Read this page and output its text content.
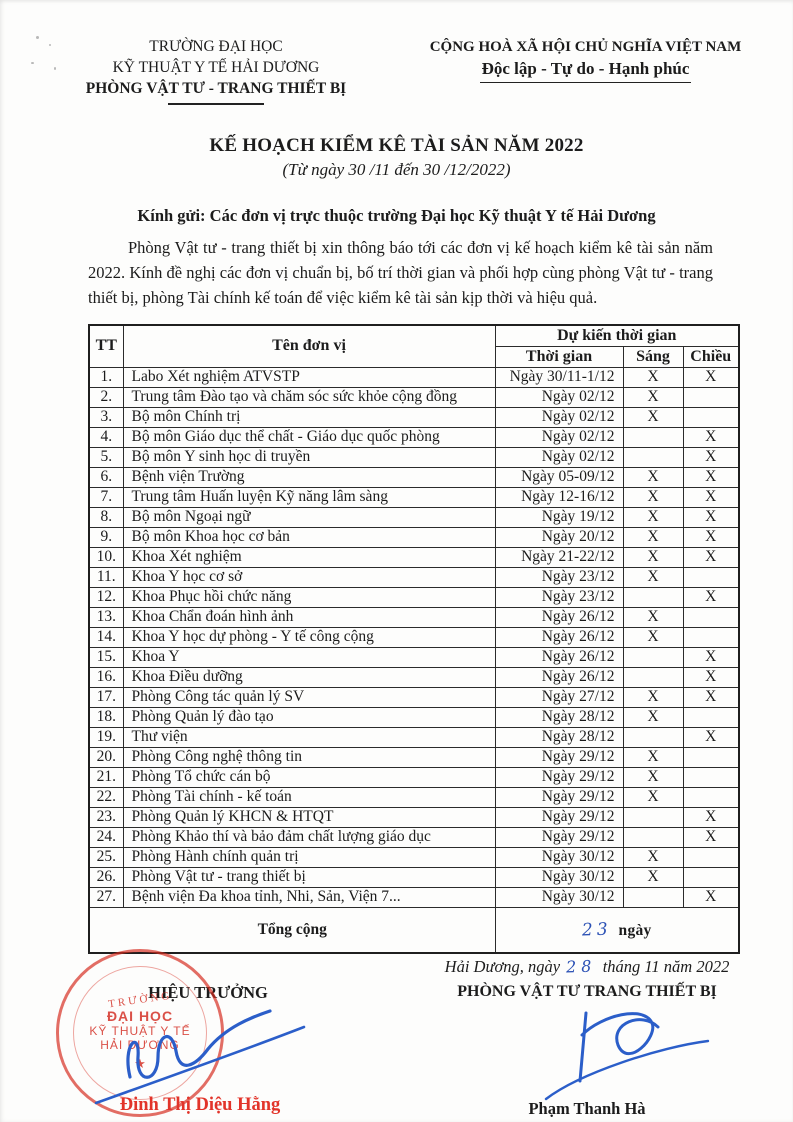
TRƯỜNG ĐẠI HỌC
KỸ THUẬT Y TẾ HẢI DƯƠNG
PHÒNG VẬT TƯ - TRANG THIẾT BỊ
CỘNG HOÀ XÃ HỘI CHỦ NGHĨA VIỆT NAM
Độc lập - Tự do - Hạnh phúc
KẾ HOẠCH KIỂM KÊ TÀI SẢN NĂM 2022
(Từ ngày 30 /11 đến 30 /12/2022)
Kính gửi: Các đơn vị trực thuộc trường Đại học Kỹ thuật Y tế Hải Dương

Phòng Vật tư - trang thiết bị xin thông báo tới các đơn vị kế hoạch kiểm kê tài sản năm 2022. Kính đề nghị các đơn vị chuẩn bị, bố trí thời gian và phối hợp cùng phòng Vật tư - trang thiết bị, phòng Tài chính kế toán để việc kiểm kê tài sản kịp thời và hiệu quả.

TT	Tên đơn vị	Dự kiến thời gian		
		Thời gian	Sáng	Chiều
1.	Labo Xét nghiệm ATVSTP	Ngày 30/11-1/12	X	X
2.	Trung tâm Đào tạo và chăm sóc sức khỏe cộng đồng	Ngày 02/12	X	
3.	Bộ môn Chính trị	Ngày 02/12	X	
4.	Bộ môn Giáo dục thể chất - Giáo dục quốc phòng	Ngày 02/12		X
5.	Bộ môn Y sinh học di truyền	Ngày 02/12		X
6.	Bệnh viện Trường	Ngày 05-09/12	X	X
7.	Trung tâm Huấn luyện Kỹ năng lâm sàng	Ngày 12-16/12	X	X
8.	Bộ môn Ngoại ngữ	Ngày 19/12	X	X
9.	Bộ môn Khoa học cơ bản	Ngày 20/12	X	X
10.	Khoa Xét nghiệm	Ngày 21-22/12	X	X
11.	Khoa Y học cơ sở	Ngày 23/12	X	
12.	Khoa Phục hồi chức năng	Ngày 23/12		X
13.	Khoa Chẩn đoán hình ảnh	Ngày 26/12	X	
14.	Khoa Y học dự phòng - Y tế công cộng	Ngày 26/12	X	
15.	Khoa Y	Ngày 26/12		X
16.	Khoa Điều dưỡng	Ngày 26/12		X
17.	Phòng Công tác quản lý SV	Ngày 27/12	X	X
18.	Phòng Quản lý đào tạo	Ngày 28/12	X	
19.	Thư viện	Ngày 28/12		X
20.	Phòng Công nghệ thông tin	Ngày 29/12	X	
21.	Phòng Tổ chức cán bộ	Ngày 29/12	X	
22.	Phòng Tài chính - kế toán	Ngày 29/12	X	
23.	Phòng Quản lý KHCN & HTQT	Ngày 29/12		X
24.	Phòng Khảo thí và bảo đảm chất lượng giáo dục	Ngày 29/12		X
25.	Phòng Hành chính quản trị	Ngày 30/12	X	
26.	Phòng Vật tư - trang thiết bị	Ngày 30/12	X	
27.	Bệnh viện Đa khoa tỉnh, Nhi, Sản, Viện 7...	Ngày 30/12		X
Tổng cộng		23 ngày		
Hải Dương, ngày 28 tháng 11 năm 2022
HIỆU TRƯỞNG	PHÒNG VẬT TƯ TRANG THIẾT BỊ
TRƯỜNG
ĐẠI HỌC
KỸ THUẬT Y TẾ
HẢI DƯƠNG
★
Đinh Thị Diệu Hằng	Phạm Thanh Hà
